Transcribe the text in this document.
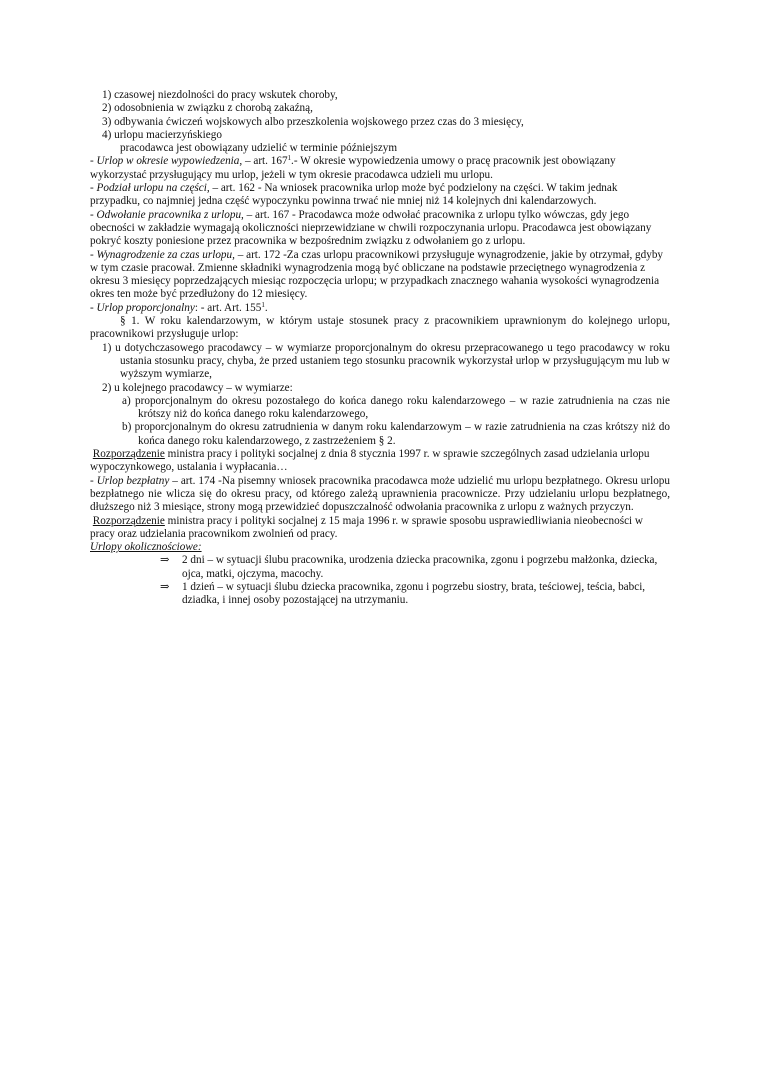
1) czasowej niezdolności do pracy wskutek choroby,

2) odosobnienia w związku z chorobą zakaźną,

3) odbywania ćwiczeń wojskowych albo przeszkolenia wojskowego przez czas do 3 miesięcy,

4) urlopu macierzyńskiego

pracodawca jest obowiązany udzielić w terminie późniejszym

- Urlop w okresie wypowiedzenia, – art. $167^1.-$ W okresie wypowiedzenia umowy o pracę pracownik jest obowiązany wykorzystać przysługujący mu urlop, jeżeli w tym okresie pracodawca udzieli mu urlopu.

- Podział urlopu na części, – art. 162 - Na wniosek pracownika urlop może być podzielony na części. W takim jednak przypadku, co najmniej jedna część wypoczynku powinna trwać nie mniej niż 14 kolejnych dni kalendarzowych.

- Odwołanie pracownika z urlopu, – art. 167 - Pracodawca może odwołać pracownika z urlopu tylko wówczas, gdy jego obecności w zakładzie wymagają okoliczności nieprzewidziane w chwili rozpoczynania urlopu. Pracodawca jest obowiązany pokryć koszty poniesione przez pracownika w bezpośrednim związku z odwołaniem go z urlopu.

- Wynagrodzenie za czas urlopu, – art. 172 -Za czas urlopu pracownikowi przysługuje wynagrodzenie, jakie by otrzymał, gdyby w tym czasie pracował. Zmienne składniki wynagrodzenia mogą być obliczane na podstawie przeciętnego wynagrodzenia z okresu 3 miesięcy poprzedzających miesiąc rozpoczęcia urlopu; w przypadkach znacznego wahania wysokości wynagrodzenia okres ten może być przedłużony do 12 miesięcy.

- Urlop proporcjonalny: - art. Art. $155^1$.

§ 1. W roku kalendarzowym, w którym ustaje stosunek pracy z pracownikiem uprawnionym do kolejnego urlopu, pracownikowi przysługuje urlop:

1) u dotychczasowego pracodawcy – w wymiarze proporcjonalnym do okresu przepracowanego u tego pracodawcy w roku ustania stosunku pracy, chyba, że przed ustaniem tego stosunku pracownik wykorzystał urlop w przysługującym mu lub w wyższym wymiarze,

2) u kolejnego pracodawcy – w wymiarze:

a) proporcjonalnym do okresu pozostałego do końca danego roku kalendarzowego – w razie zatrudnienia na czas nie krótszy niż do końca danego roku kalendarzowego,

b) proporcjonalnym do okresu zatrudnienia w danym roku kalendarzowym – w razie zatrudnienia na czas krótszy niż do końca danego roku kalendarzowego, z zastrzeżeniem § 2.

Rozporządzenie ministra pracy i polityki socjalnej z dnia 8 stycznia 1997 r. w sprawie szczególnych zasad udzielania urlopu wypoczynkowego, ustalania i wypłacania…

- Urlop bezpłatny – art. 174 -Na pisemny wniosek pracownika pracodawca może udzielić mu urlopu bezpłatnego. Okresu urlopu bezpłatnego nie wlicza się do okresu pracy, od którego zależą uprawnienia pracownicze. Przy udzielaniu urlopu bezpłatnego, dłuższego niż 3 miesiące, strony mogą przewidzieć dopuszczalność odwołania pracownika z urlopu z ważnych przyczyn.

Rozporządzenie ministra pracy i polityki socjalnej z 15 maja 1996 r. w sprawie sposobu usprawiedliwiania nieobecności w pracy oraz udzielania pracownikom zwolnień od pracy.

Urlopy okolicznościowe:

⇒	2 dni – w sytuacji ślubu pracownika, urodzenia dziecka pracownika, zgonu i pogrzebu małżonka, dziecka, ojca, matki, ojczyma, macochy.
⇒	1 dzień – w sytuacji ślubu dziecka pracownika, zgonu i pogrzebu siostry, brata, teściowej, teścia, babci, dziadka, i innej osoby pozostającej na utrzymaniu.
